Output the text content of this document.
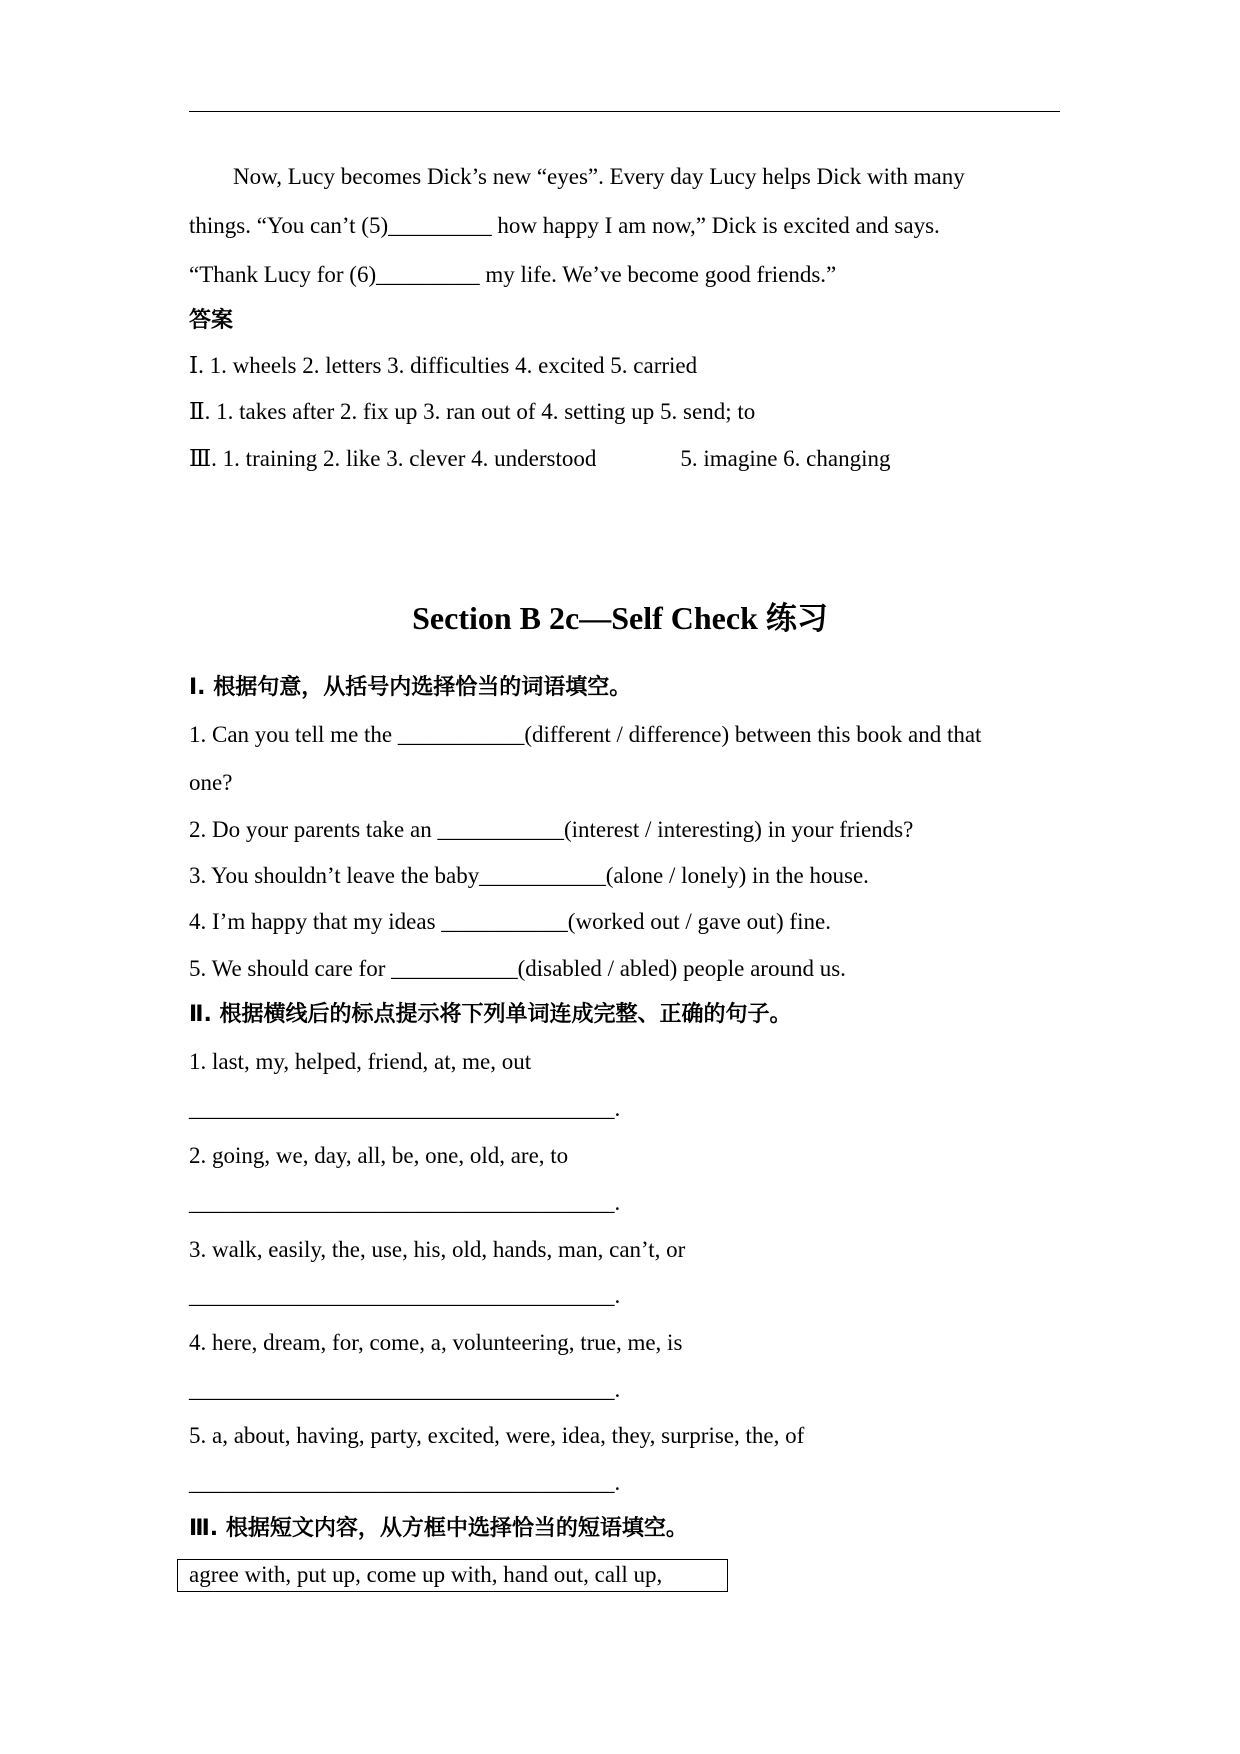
Now, Lucy becomes Dick’s new “eyes”. Every day Lucy helps Dick with many
things. “You can’t (5)_________ how happy I am now,” Dick is excited and says.
“Thank Lucy for (6)_________ my life. We’ve become good friends.”
答案
Ⅰ. 1. wheels 2. letters 3. difficulties 4. excited 5. carried
Ⅱ. 1. takes after 2. fix up 3. ran out of 4. setting up 5. send; to
Ⅲ. 1. training 2. like 3. clever 4. understood	5. imagine 6. changing
Section B 2c—Self Check 练习
Ⅰ. 根据句意，从括号内选择恰当的词语填空。
1. Can you tell me the ___________(different / difference) between this book and that
one?
2. Do your parents take an ___________(interest / interesting) in your friends?
3. You shouldn’t leave the baby___________(alone / lonely) in the house.
4. I’m happy that my ideas ___________(worked out / gave out) fine.
5. We should care for ___________(disabled / abled) people around us.
Ⅱ. 根据横线后的标点提示将下列单词连成完整、正确的句子。
1. last, my, helped, friend, at, me, out
_____________________________________.
2. going, we, day, all, be, one, old, are, to
_____________________________________.
3. walk, easily, the, use, his, old, hands, man, can’t, or
_____________________________________.
4. here, dream, for, come, a, volunteering, true, me, is
_____________________________________.
5. a, about, having, party, excited, were, idea, they, surprise, the, of
_____________________________________.
Ⅲ. 根据短文内容，从方框中选择恰当的短语填空。
agree with, put up, come up with, hand out, call up,
